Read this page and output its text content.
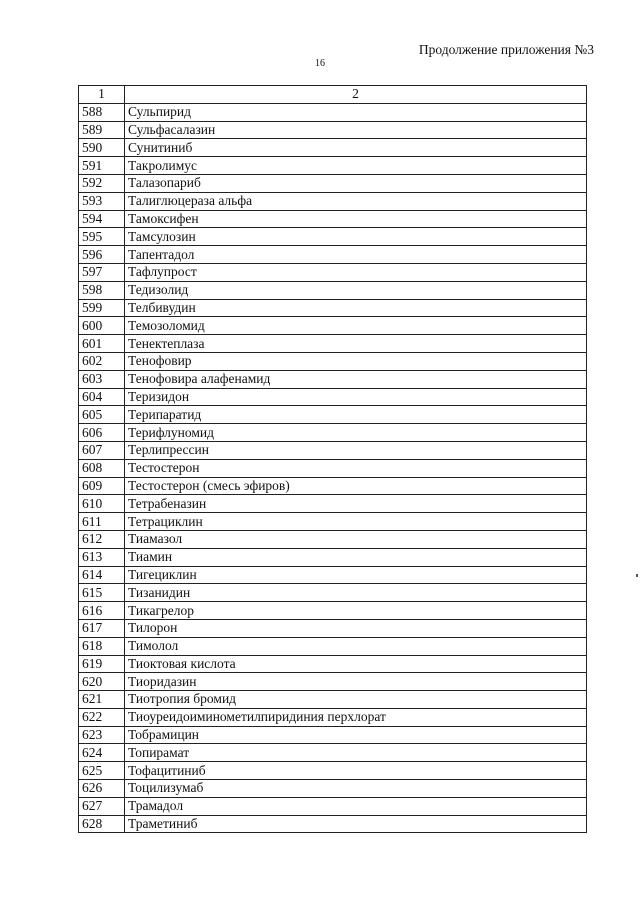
Продолжение приложения №3
16
1	2
588	Сульпирид
589	Сульфасалазин
590	Сунитиниб
591	Такролимус
592	Талазопариб
593	Талиглюцераза альфа
594	Тамоксифен
595	Тамсулозин
596	Тапентадол
597	Тафлупрост
598	Тедизолид
599	Телбивудин
600	Темозоломид
601	Тенектеплаза
602	Тенофовир
603	Тенофовира алафенамид
604	Теризидон
605	Терипаратид
606	Терифлуномид
607	Терлипрессин
608	Тестостерон
609	Тестостерон (смесь эфиров)
610	Тетрабеназин
611	Тетрациклин
612	Тиамазол
613	Тиамин
614	Тигециклин
615	Тизанидин
616	Тикагрелор
617	Тилорон
618	Тимолол
619	Тиоктовая кислота
620	Тиоридазин
621	Тиотропия бромид
622	Тиоуреидоиминометилпиридиния перхлорат
623	Тобрамицин
624	Топирамат
625	Тофацитиниб
626	Тоцилизумаб
627	Трамадол
628	Траметиниб
